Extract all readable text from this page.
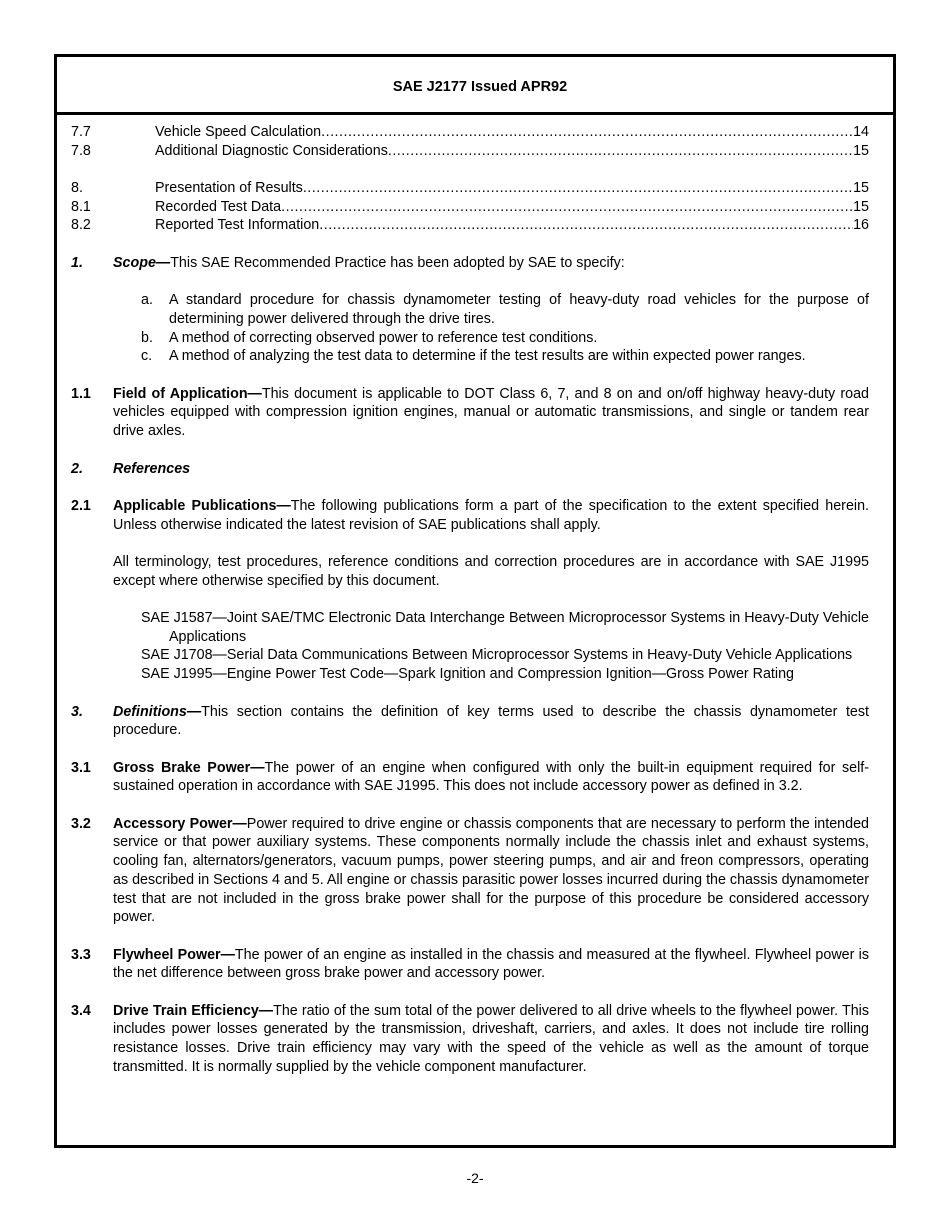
SAE J2177 Issued APR92
7.7	Vehicle Speed Calculation .....	14
7.8	Additional Diagnostic Considerations .....	15
8.	Presentation of Results .....	15
8.1	Recorded Test Data .....	15
8.2	Reported Test Information .....	16
1.	Scope—This SAE Recommended Practice has been adopted by SAE to specify:
a.	A standard procedure for chassis dynamometer testing of heavy-duty road vehicles for the purpose of determining power delivered through the drive tires.
b.	A method of correcting observed power to reference test conditions.
c.	A method of analyzing the test data to determine if the test results are within expected power ranges.
1.1	Field of Application—This document is applicable to DOT Class 6, 7, and 8 on and on/off highway heavy-duty road vehicles equipped with compression ignition engines, manual or automatic transmissions, and single or tandem rear drive axles.
2.	References
2.1	Applicable Publications—The following publications form a part of the specification to the extent specified herein. Unless otherwise indicated the latest revision of SAE publications shall apply.
All terminology, test procedures, reference conditions and correction procedures are in accordance with SAE J1995 except where otherwise specified by this document.
SAE J1587—Joint SAE/TMC Electronic Data Interchange Between Microprocessor Systems in Heavy-Duty Vehicle Applications
SAE J1708—Serial Data Communications Between Microprocessor Systems in Heavy-Duty Vehicle Applications
SAE J1995—Engine Power Test Code—Spark Ignition and Compression Ignition—Gross Power Rating
3.	Definitions—This section contains the definition of key terms used to describe the chassis dynamometer test procedure.
3.1	Gross Brake Power—The power of an engine when configured with only the built-in equipment required for self-sustained operation in accordance with SAE J1995. This does not include accessory power as defined in 3.2.
3.2	Accessory Power—Power required to drive engine or chassis components that are necessary to perform the intended service or that power auxiliary systems. These components normally include the chassis inlet and exhaust systems, cooling fan, alternators/generators, vacuum pumps, power steering pumps, and air and freon compressors, operating as described in Sections 4 and 5. All engine or chassis parasitic power losses incurred during the chassis dynamometer test that are not included in the gross brake power shall for the purpose of this procedure be considered accessory power.
3.3	Flywheel Power—The power of an engine as installed in the chassis and measured at the flywheel. Flywheel power is the net difference between gross brake power and accessory power.
3.4	Drive Train Efficiency—The ratio of the sum total of the power delivered to all drive wheels to the flywheel power. This includes power losses generated by the transmission, driveshaft, carriers, and axles. It does not include tire rolling resistance losses. Drive train efficiency may vary with the speed of the vehicle as well as the amount of torque transmitted. It is normally supplied by the vehicle component manufacturer.
-2-
